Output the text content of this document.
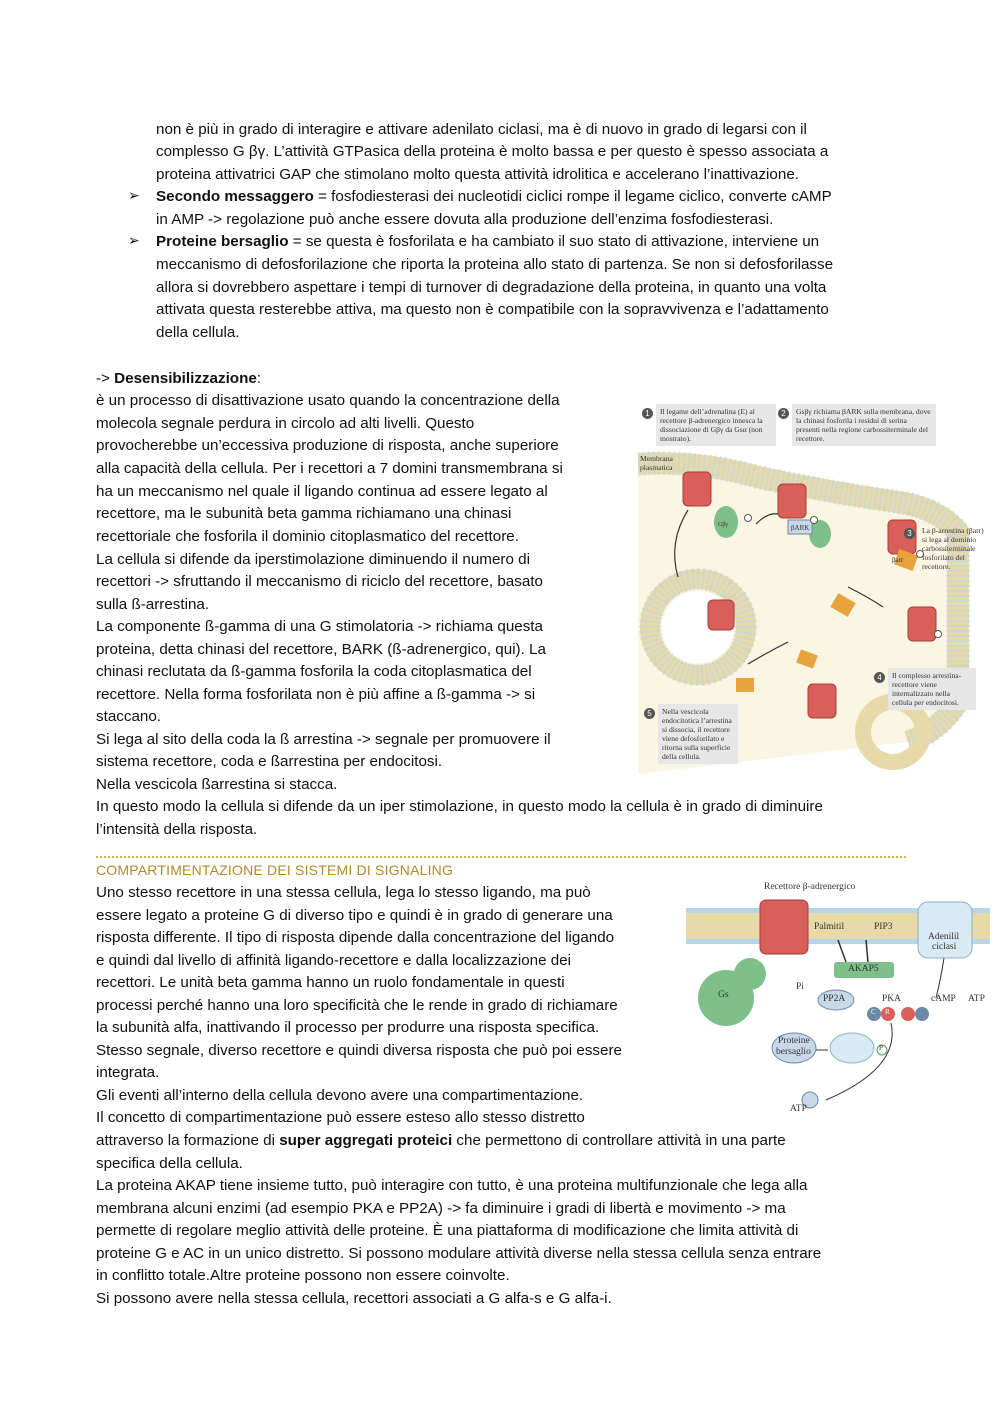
non è più in grado di interagire e attivare adenilato ciclasi, ma è di nuovo in grado di legarsi con il
complesso G βγ. L’attività GTPasica della proteina è molto bassa e per questo è spesso associata a
proteina attivatrici GAP che stimolano molto questa attività idrolitica e accelerano l’inattivazione.
➢ Secondo messaggero = fosfodiesterasi dei nucleotidi ciclici rompe il legame ciclico, converte cAMP
in AMP -> regolazione può anche essere dovuta alla produzione dell’enzima fosfodiesterasi.
➢ Proteine bersaglio = se questa è fosforilata e ha cambiato il suo stato di attivazione, interviene un
meccanismo di defosforilazione che riporta la proteina allo stato di partenza. Se non si defosforilasse
allora si dovrebbero aspettare i tempi di turnover di degradazione della proteina, in quanto una volta
attivata questa resterebbe attiva, ma questo non è compatibile con la sopravvivenza e l’adattamento
della cellula.
-> Desensibilizzazione:
è un processo di disattivazione usato quando la concentrazione della
molecola segnale perdura in circolo ad alti livelli. Questo
provocherebbe un’eccessiva produzione di risposta, anche superiore
alla capacità della cellula. Per i recettori a 7 domini transmembrana si
ha un meccanismo nel quale il ligando continua ad essere legato al
recettore, ma le subunità beta gamma richiamano una chinasi
recettoriale che fosforila il dominio citoplasmatico del recettore.
La cellula si difende da iperstimolazione diminuendo il numero di
recettori -> sfruttando il meccanismo di riciclo del recettore, basato
sulla ß-arrestina.
La componente ß-gamma di una G stimolatoria -> richiama questa
proteina, detta chinasi del recettore, BARK (ß-adrenergico, qui). La
chinasi reclutata da ß-gamma fosforila la coda citoplasmatica del
recettore. Nella forma fosforilata non è più affine a ß-gamma -> si
staccano.
Si lega al sito della coda la ß arrestina -> segnale per promuovere il
sistema recettore, coda e ßarrestina per endocitosi.
Nella vescicola ßarrestina si stacca.
In questo modo la cellula si difende da un iper stimolazione, in questo modo la cellula è in grado di diminuire
l’intensità della risposta.
βARK
βarr
Gβγ
1	Il legame dell’adrenalina (E) al recettore β-adrenergico innesca la dissociazione di Gβγ da Gsα (non mostrato).
2	Gsβγ richiama βARK sulla membrana, dove la chinasi fosforila i residui di serina presenti nella regione carbossiterminale del recettore.
Membrana plasmatica
3	La β-arrestina (βarr) si lega al dominio carbossiterminale fosforilato del recettore.
4	Il complesso arrestina-recettore viene internalizzato nella cellula per endocitosi.
5	Nella vescicola endocitotica l’arrestina si dissocia, il recettore viene defosforilato e ritorna sulla superficie della cellula.
COMPARTIMENTAZIONE DEI SISTEMI DI SIGNALING
Uno stesso recettore in una stessa cellula, lega lo stesso ligando, ma può
essere legato a proteine G di diverso tipo e quindi è in grado di generare una
risposta differente. Il tipo di risposta dipende dalla concentrazione del ligando
e quindi dal livello di affinità ligando-recettore e dalla localizzazione dei
recettori. Le unità beta gamma hanno un ruolo fondamentale in questi
processi perché hanno una loro specificità che le rende in grado di richiamare
la subunità alfa, inattivando il processo per produrre una risposta specifica.
Stesso segnale, diverso recettore e quindi diversa risposta che può poi essere
integrata.
Gli eventi all’interno della cellula devono avere una compartimentazione.
Il concetto di compartimentazione può essere esteso allo stesso distretto
attraverso la formazione di super aggregati proteici che permettono di controllare attività in una parte
specifica della cellula.
La proteina AKAP tiene insieme tutto, può interagire con tutto, è una proteina multifunzionale che lega alla
membrana alcuni enzimi (ad esempio PKA e PP2A) -> fa diminuire i gradi di libertà e movimento -> ma
permette di regolare meglio attività delle proteine. È una piattaforma di modificazione che limita attività di
proteine G e AC in un unico distretto. Si possono modulare attività diverse nella stessa cellula senza entrare
in conflitto totale.Altre proteine possono non essere coinvolte.
Si possono avere nella stessa cellula, recettori associati a G alfa-s e G alfa-i.
Recettore β-adrenergico
Palmitil	PIP3
Adenilil
ciclasi
AKAP5
Gs
Pi
PP2A	PKA	cAMP ATP
Proteine
bersaglio	P
C R
ATP
